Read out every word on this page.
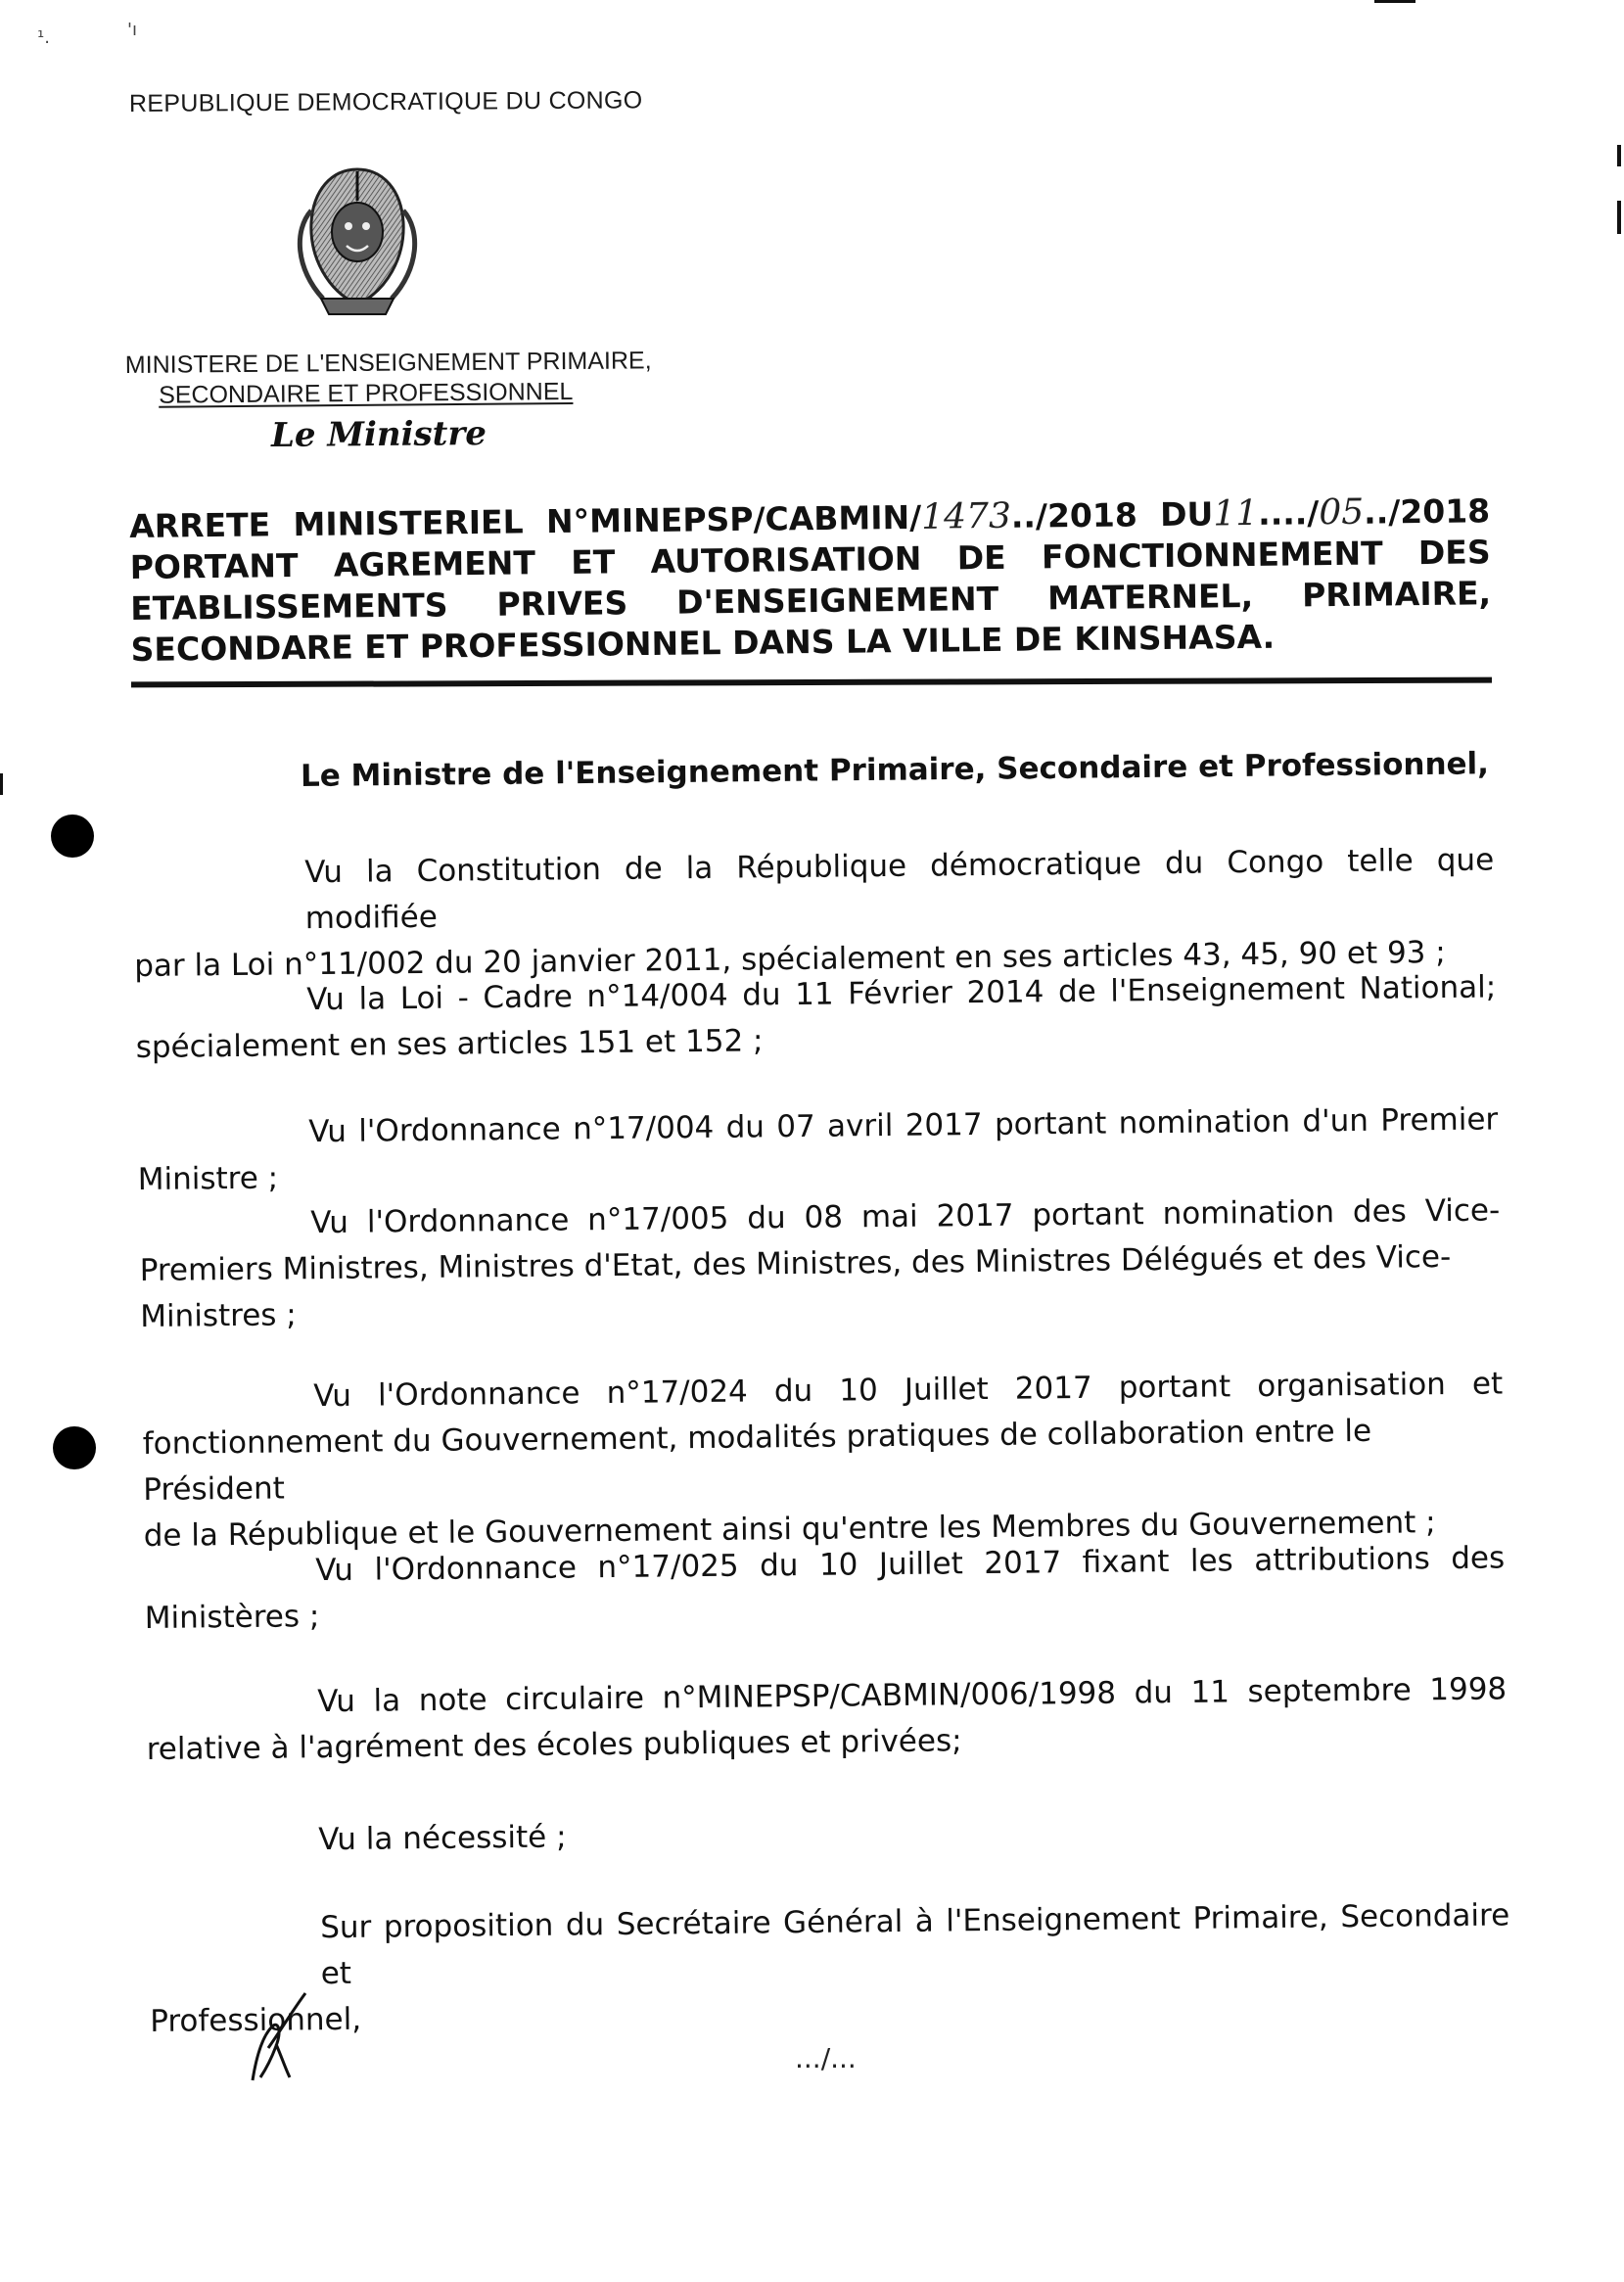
¹.	'ı
REPUBLIQUE DEMOCRATIQUE DU CONGO
MINISTERE DE L'ENSEIGNEMENT PRIMAIRE,
SECONDAIRE ET PROFESSIONNEL
Le Ministre
ARRETE MINISTERIEL N°MINEPSP/CABMIN/1473../2018 DU11..../05../2018
PORTANT AGREMENT ET AUTORISATION DE FONCTIONNEMENT DES
ETABLISSEMENTS PRIVES D'ENSEIGNEMENT MATERNEL, PRIMAIRE,
SECONDARE ET PROFESSIONNEL DANS LA VILLE DE KINSHASA.
Le Ministre de l'Enseignement Primaire, Secondaire et Professionnel,
Vu la Constitution de la République démocratique du Congo telle que modifiée
par la Loi n°11/002 du 20 janvier 2011, spécialement en ses articles 43, 45, 90 et 93 ;
Vu la Loi - Cadre n°14/004 du 11 Février 2014 de l'Enseignement National;
spécialement en ses articles 151 et 152 ;
Vu l'Ordonnance n°17/004 du 07 avril 2017 portant nomination d'un Premier
Ministre ;
Vu l'Ordonnance n°17/005 du 08 mai 2017 portant nomination des Vice-
Premiers Ministres, Ministres d'Etat, des Ministres, des Ministres Délégués et des Vice-
Ministres ;
Vu l'Ordonnance n°17/024 du 10 Juillet 2017 portant organisation et
fonctionnement du Gouvernement, modalités pratiques de collaboration entre le Président
de la République et le Gouvernement ainsi qu'entre les Membres du Gouvernement ;
Vu l'Ordonnance n°17/025 du 10 Juillet 2017 fixant les attributions des
Ministères ;
Vu la note circulaire n°MINEPSP/CABMIN/006/1998 du 11 septembre 1998
relative à l'agrément des écoles publiques et privées;
Vu la nécessité ;
Sur proposition du Secrétaire Général à l'Enseignement Primaire, Secondaire et
Professionnel,
.../...
